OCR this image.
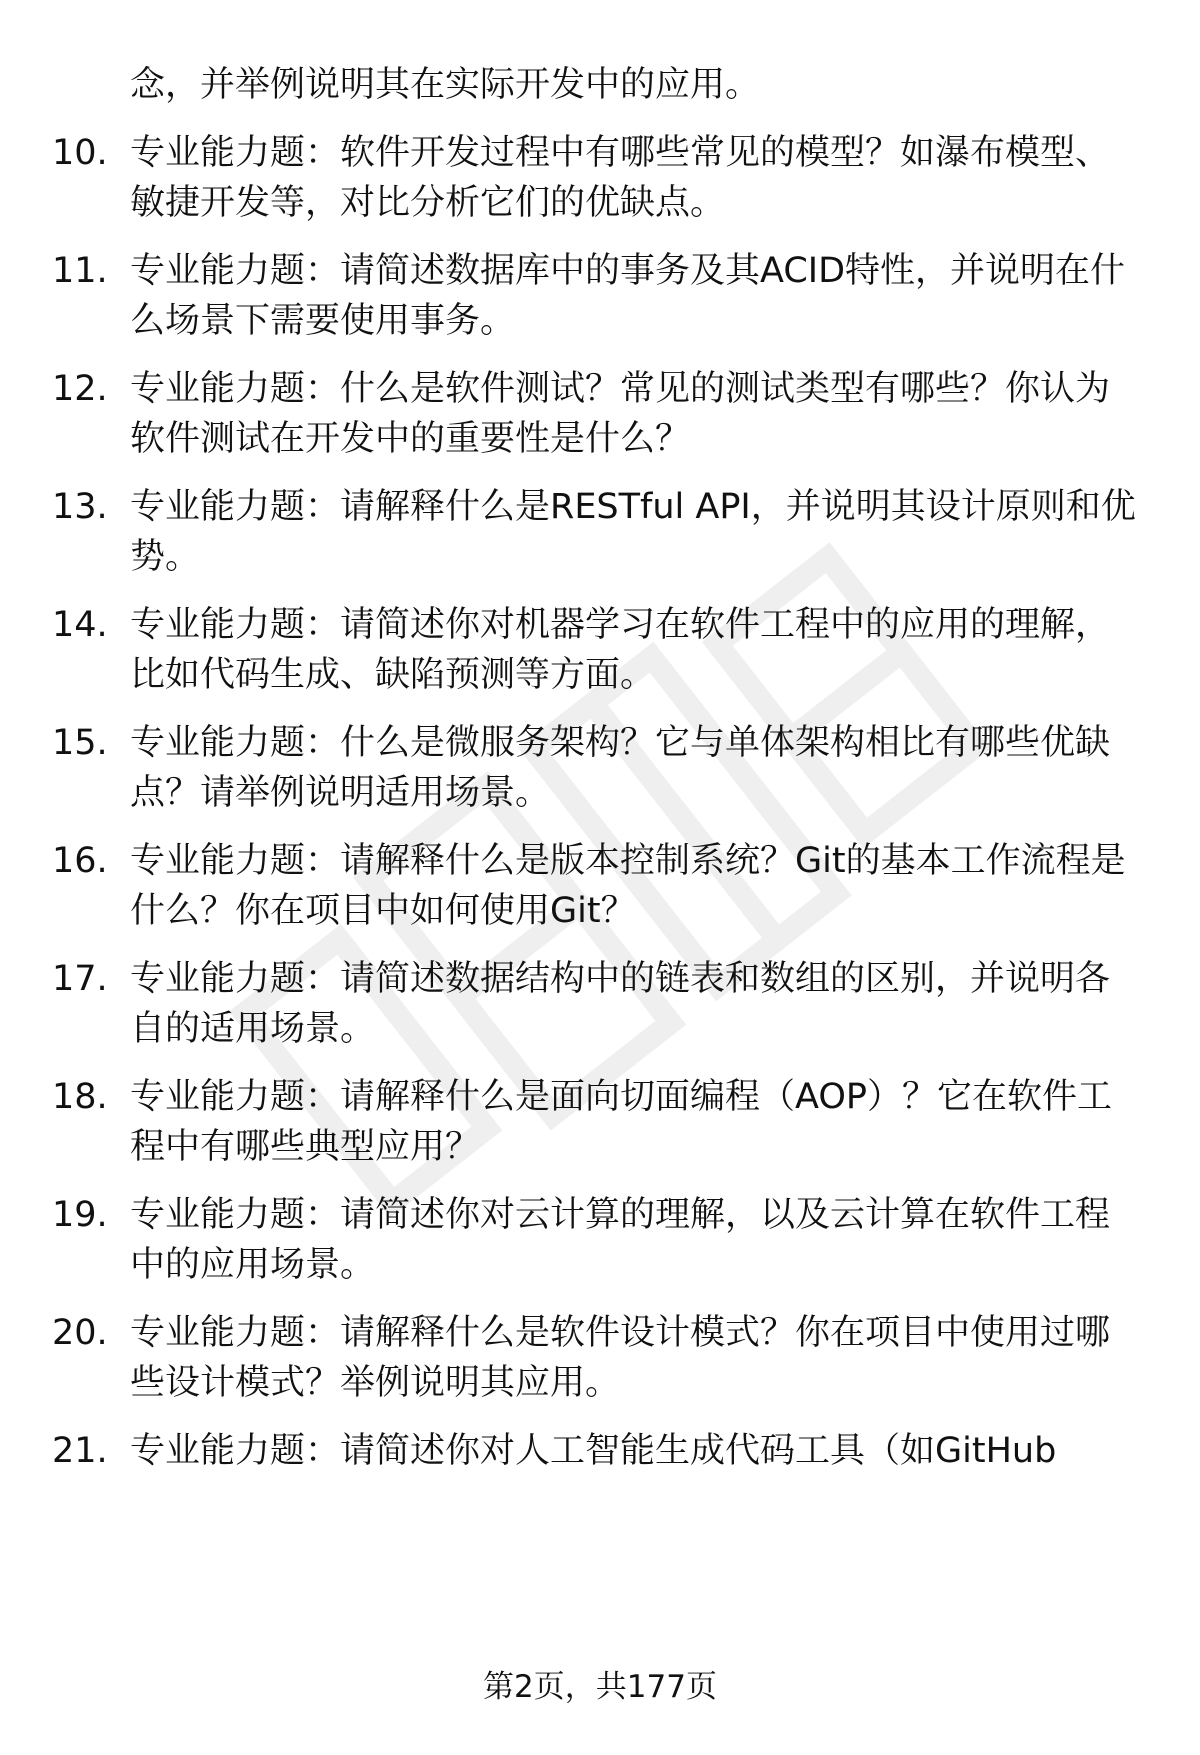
念，并举例说明其在实际开发中的应用。
10. 专业能力题：软件开发过程中有哪些常见的模型？如瀑布模型、
敏捷开发等，对比分析它们的优缺点。
11. 专业能力题：请简述数据库中的事务及其ACID特性，并说明在什
么场景下需要使用事务。
12. 专业能力题：什么是软件测试？常见的测试类型有哪些？你认为
软件测试在开发中的重要性是什么？
13. 专业能力题：请解释什么是RESTful API，并说明其设计原则和优
势。
14. 专业能力题：请简述你对机器学习在软件工程中的应用的理解，
比如代码生成、缺陷预测等方面。
15. 专业能力题：什么是微服务架构？它与单体架构相比有哪些优缺
点？请举例说明适用场景。
16. 专业能力题：请解释什么是版本控制系统？Git的基本工作流程是
什么？你在项目中如何使用Git？
17. 专业能力题：请简述数据结构中的链表和数组的区别，并说明各
自的适用场景。
18. 专业能力题：请解释什么是面向切面编程（AOP）？它在软件工
程中有哪些典型应用？
19. 专业能力题：请简述你对云计算的理解，以及云计算在软件工程
中的应用场景。
20. 专业能力题：请解释什么是软件设计模式？你在项目中使用过哪
些设计模式？举例说明其应用。
21. 专业能力题：请简述你对人工智能生成代码工具（如GitHub
第2页，共177页
